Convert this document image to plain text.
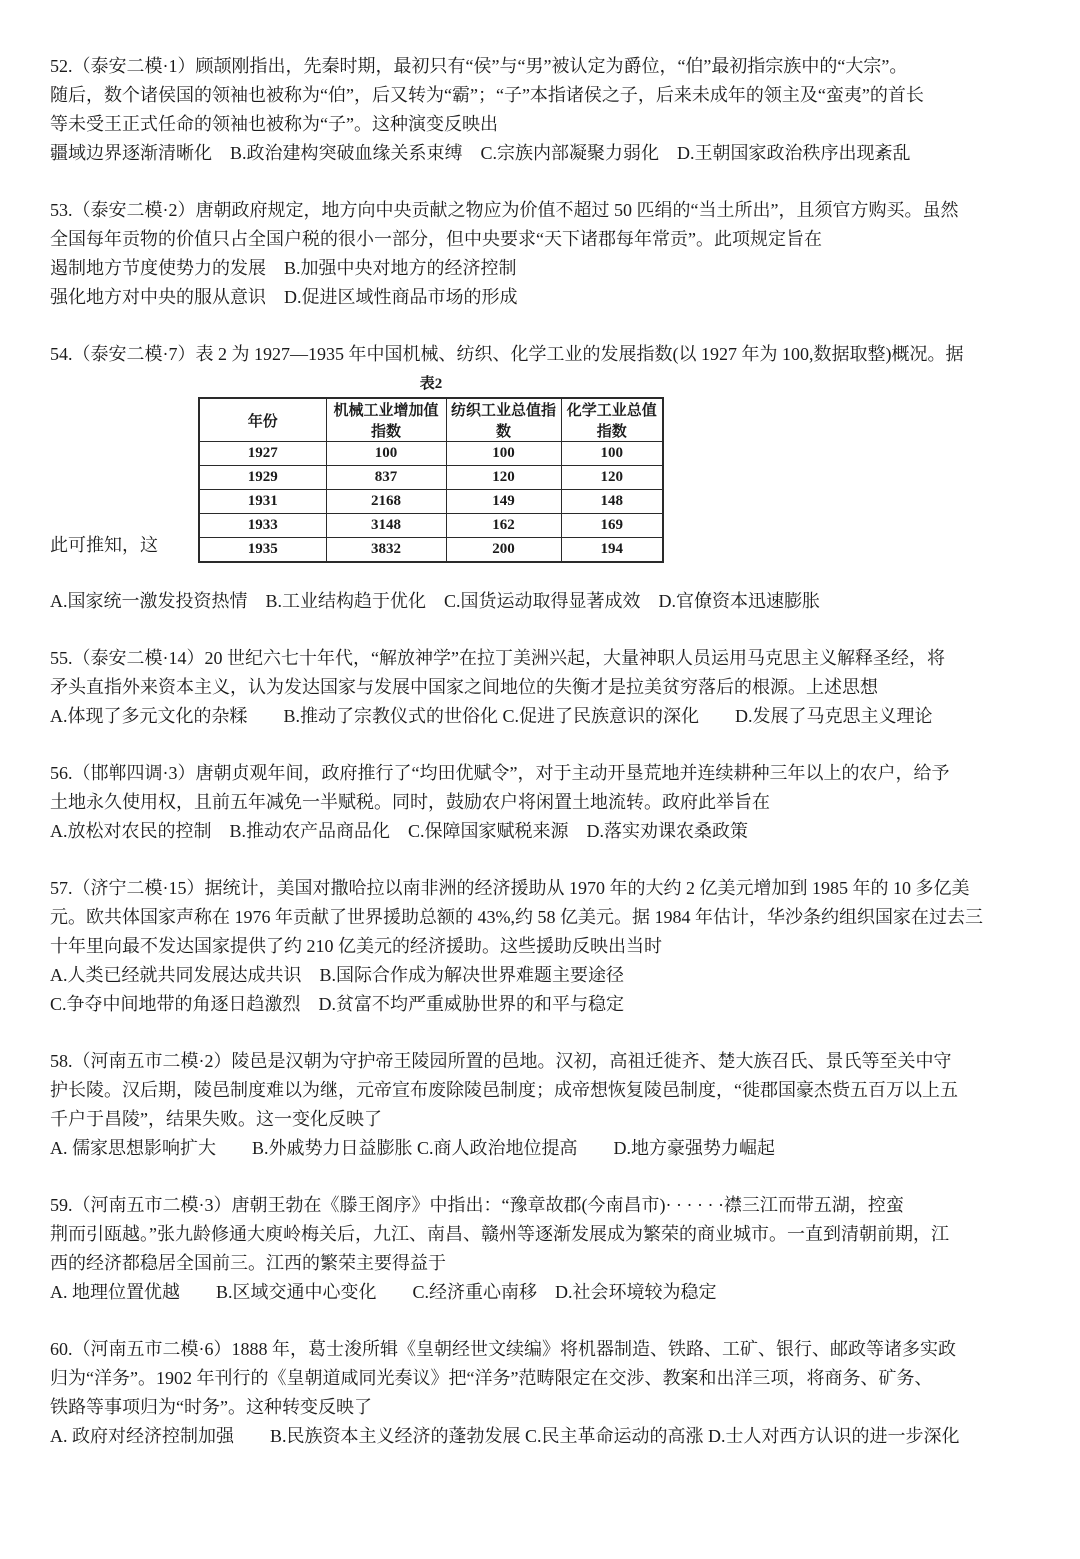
52.（泰安二模·1）顾颉刚指出，先秦时期，最初只有“侯”与“男”被认定为爵位，“伯”最初指宗族中的“大宗”。
随后，数个诸侯国的领袖也被称为“伯”，后又转为“霸”；“子”本指诸侯之子，后来未成年的领主及“蛮夷”的首长
等未受王正式任命的领袖也被称为“子”。这种演变反映出
疆域边界逐渐清晰化　B.政治建构突破血缘关系束缚　C.宗族内部凝聚力弱化　D.王朝国家政治秩序出现紊乱
53.（泰安二模·2）唐朝政府规定，地方向中央贡献之物应为价值不超过 50 匹绢的“当土所出”，且须官方购买。虽然
全国每年贡物的价值只占全国户税的很小一部分，但中央要求“天下诸郡每年常贡”。此项规定旨在
遏制地方节度使势力的发展　B.加强中央对地方的经济控制
强化地方对中央的服从意识　D.促进区域性商品市场的形成
54.（泰安二模·7）表 2 为 1927—1935 年中国机械、纺织、化学工业的发展指数(以 1927 年为 100,数据取整)概况。据
此可推知，这
表2
年份	机械工业增加值指数	纺织工业总值指数	化学工业总值指数
1927	100	100	100
1929	837	120	120
1931	2168	149	148
1933	3148	162	169
1935	3832	200	194
A.国家统一激发投资热情　B.工业结构趋于优化　C.国货运动取得显著成效　D.官僚资本迅速膨胀
55.（泰安二模·14）20 世纪六七十年代，“解放神学”在拉丁美洲兴起，大量神职人员运用马克思主义解释圣经，将
矛头直指外来资本主义，认为发达国家与发展中国家之间地位的失衡才是拉美贫穷落后的根源。上述思想
A.体现了多元文化的杂糅　　B.推动了宗教仪式的世俗化 C.促进了民族意识的深化　　D.发展了马克思主义理论
56.（邯郸四调·3）唐朝贞观年间，政府推行了“均田优赋令”，对于主动开垦荒地并连续耕种三年以上的农户，给予
土地永久使用权，且前五年减免一半赋税。同时，鼓励农户将闲置土地流转。政府此举旨在
A.放松对农民的控制　B.推动农产品商品化　C.保障国家赋税来源　D.落实劝课农桑政策
57.（济宁二模·15）据统计，美国对撒哈拉以南非洲的经济援助从 1970 年的大约 2 亿美元增加到 1985 年的 10 多亿美
元。欧共体国家声称在 1976 年贡献了世界援助总额的 43%,约 58 亿美元。据 1984 年估计，华沙条约组织国家在过去三
十年里向最不发达国家提供了约 210 亿美元的经济援助。这些援助反映出当时
A.人类已经就共同发展达成共识　B.国际合作成为解决世界难题主要途径
C.争夺中间地带的角逐日趋激烈　D.贫富不均严重威胁世界的和平与稳定
58.（河南五市二模·2）陵邑是汉朝为守护帝王陵园所置的邑地。汉初，高祖迁徙齐、楚大族召氏、景氏等至关中守
护长陵。汉后期，陵邑制度难以为继，元帝宣布废除陵邑制度；成帝想恢复陵邑制度，“徙郡国豪杰赀五百万以上五
千户于昌陵”，结果失败。这一变化反映了
A. 儒家思想影响扩大　　B.外戚势力日益膨胀 C.商人政治地位提高　　D.地方豪强势力崛起
59.（河南五市二模·3）唐朝王勃在《滕王阁序》中指出：“豫章故郡(今南昌市)· · · · · ·襟三江而带五湖，控蛮
荆而引瓯越。”张九龄修通大庾岭梅关后，九江、南昌、赣州等逐渐发展成为繁荣的商业城市。一直到清朝前期，江
西的经济都稳居全国前三。江西的繁荣主要得益于
A. 地理位置优越　　B.区域交通中心变化　　C.经济重心南移　D.社会环境较为稳定
60.（河南五市二模·6）1888 年，葛士浚所辑《皇朝经世文续编》将机器制造、铁路、工矿、银行、邮政等诸多实政
归为“洋务”。1902 年刊行的《皇朝道咸同光奏议》把“洋务”范畴限定在交涉、教案和出洋三项，将商务、矿务、
铁路等事项归为“时务”。这种转变反映了
A. 政府对经济控制加强　　B.民族资本主义经济的蓬勃发展 C.民主革命运动的高涨 D.士人对西方认识的进一步深化
